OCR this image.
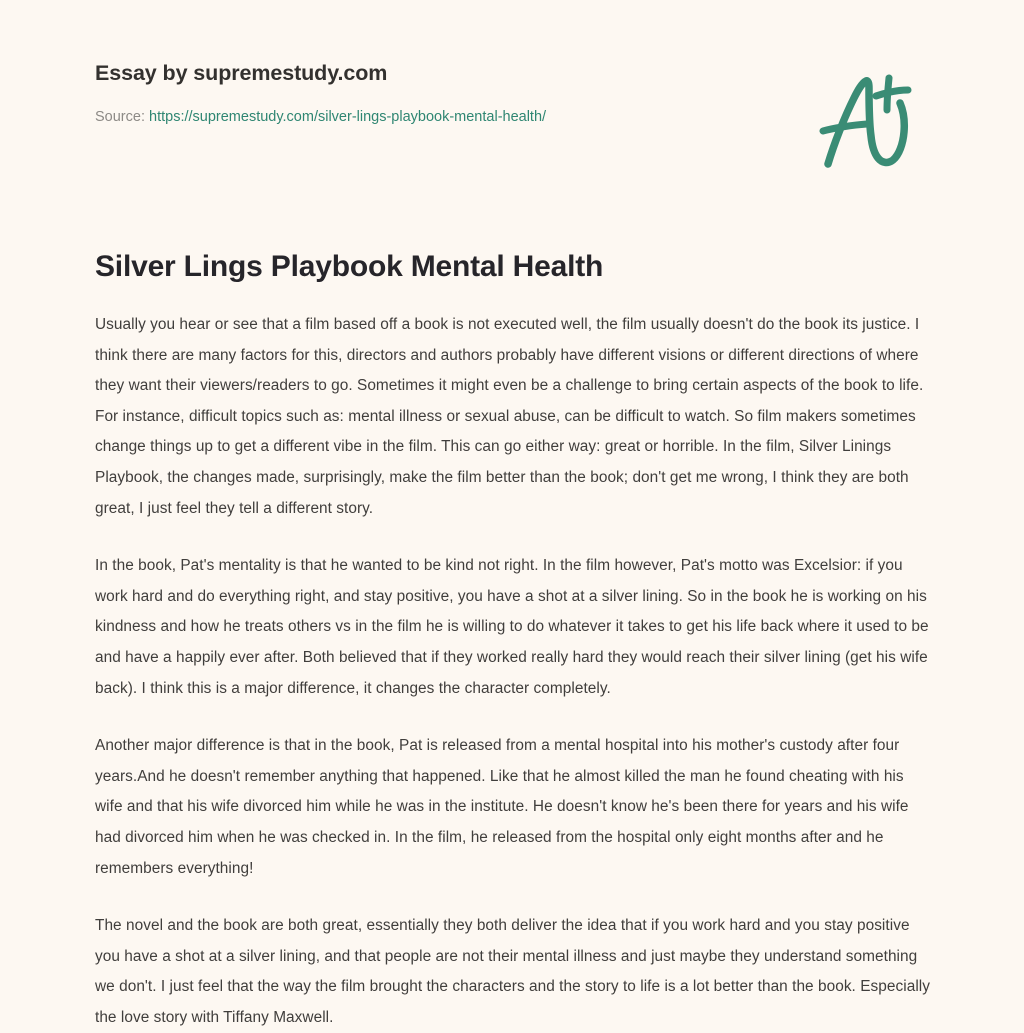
Essay by supremestudy.com
Source: https://supremestudy.com/silver-lings-playbook-mental-health/
Silver Lings Playbook Mental Health

Usually you hear or see that a film based off a book is not executed well, the film usually doesn't do the book its justice. I think there are many factors for this, directors and authors probably have different visions or different directions of where they want their viewers/readers to go. Sometimes it might even be a challenge to bring certain aspects of the book to life. For instance, difficult topics such as: mental illness or sexual abuse, can be difficult to watch. So film makers sometimes change things up to get a different vibe in the film. This can go either way: great or horrible. In the film, Silver Linings Playbook, the changes made, surprisingly, make the film better than the book; don't get me wrong, I think they are both great, I just feel they tell a different story.

In the book, Pat's mentality is that he wanted to be kind not right. In the film however, Pat's motto was Excelsior: if you work hard and do everything right, and stay positive, you have a shot at a silver lining. So in the book he is working on his kindness and how he treats others vs in the film he is willing to do whatever it takes to get his life back where it used to be and have a happily ever after. Both believed that if they worked really hard they would reach their silver lining (get his wife back). I think this is a major difference, it changes the character completely.

Another major difference is that in the book, Pat is released from a mental hospital into his mother's custody after four years.And he doesn't remember anything that happened. Like that he almost killed the man he found cheating with his wife and that his wife divorced him while he was in the institute. He doesn't know he's been there for years and his wife had divorced him when he was checked in. In the film, he released from the hospital only eight months after and he remembers everything!

The novel and the book are both great, essentially they both deliver the idea that if you work hard and you stay positive you have a shot at a silver lining, and that people are not their mental illness and just maybe they understand something we don't. I just feel that the way the film brought the characters and the story to life is a lot better than the book. Especially the love story with Tiffany Maxwell.
